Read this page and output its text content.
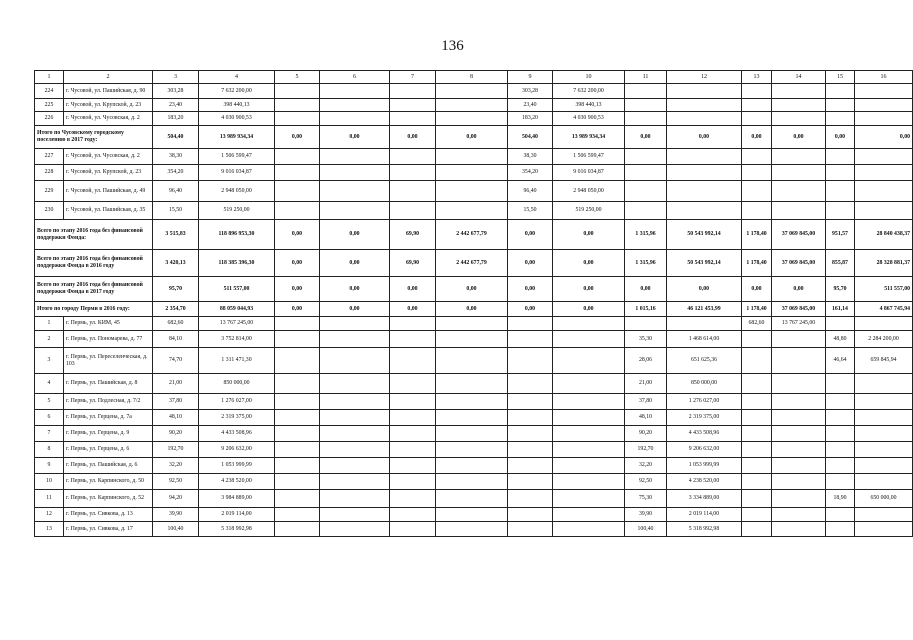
136
1	2	3	4	5	6	7	8	9	10	11	12	13	14	15	16
224	г. Чусовой, ул. Пашийская, д. 90	303,28	7 632 200,00					303,28	7 632 200,00						
225	г. Чусовой, ул. Крупской, д. 23	23,40	398 440,13					23,40	398 440,13						
226	г. Чусовой, ул. Чусовская, д. 2	183,20	4 030 900,53					183,20	4 030 900,53						
Итого по Чусовскому городскому поселению в 2017 году:		504,40	13 989 934,34	0,00	0,00	0,00	0,00	504,40	13 989 934,34	0,00	0,00	0,00	0,00	0,00	0,00
227	г. Чусовой, ул. Чусовская, д. 2	38,30	1 506 599,47					38,30	1 506 599,47						
228	г. Чусовой, ул. Крупской, д. 23	354,20	9 016 034,87					354,20	9 016 034,87						
229	г. Чусовой, ул. Пашийская, д. 49	96,40	2 948 050,00					96,40	2 948 050,00						
230	г. Чусовой, ул. Пашийская, д. 35	15,50	519 250,00					15,50	519 250,00						
Всего по этапу 2016 года без финансовой поддержки Фонда:		3 515,83	118 896 953,30	0,00	0,00	69,90	2 442 677,79	0,00	0,00	1 315,96	50 543 992,14	1 178,40	37 069 845,00	951,57	28 840 438,37
Всего по этапу 2016 года без финансовой поддержки Фонда в 2016 году		3 420,13	118 385 396,30	0,00	0,00	69,90	2 442 677,79	0,00	0,00	1 315,96	50 543 992,14	1 178,40	37 069 845,00	855,87	28 328 881,37
Всего по этапу 2016 года без финансовой поддержки Фонда в 2017 году		95,70	511 557,00	0,00	0,00	0,00	0,00	0,00	0,00	0,00	0,00	0,00	0,00	95,70	511 557,00
Итого по городу Перми в 2016 году:		2 354,70	88 059 044,93	0,00	0,00	0,00	0,00	0,00	0,00	1 015,16	46 121 453,99	1 178,40	37 069 845,00	161,14	4 867 745,94
1	г. Пермь, ул. КИМ, 45	682,60	13 767 245,00									682,60	13 767 245,00		
2	г. Пермь, ул. Пономарева, д. 77	84,10	3 752 814,00							35,30	1 468 614,00			48,80	2 284 200,00
3	г. Пермь, ул. Переселенческая, д. 103	74,70	1 311 471,30							28,06	651 625,36			46,64	659 845,94
4	г. Пермь, ул. Пашийская, д. 8	21,00	850 000,00							21,00	850 000,00				
5	г. Пермь, ул. Подлесная, д. 7/2	37,80	1 276 027,00							37,80	1 276 027,00				
6	г. Пермь, ул. Герцена, д. 7а	48,10	2 319 375,00							48,10	2 319 375,00				
7	г. Пермь, ул. Герцена, д. 9	90,20	4 433 508,96							90,20	4 433 508,96				
8	г. Пермь, ул. Герцена, д. 6	192,70	9 206 632,00							192,70	9 206 632,00				
9	г. Пермь, ул. Пашийская, д. 6	32,20	1 053 999,99							32,20	1 053 999,99				
10	г. Пермь, ул. Карпинского, д. 50	92,50	4 238 520,00							92,50	4 238 520,00				
11	г. Пермь, ул. Карпинского, д. 52	94,20	3 984 889,00							75,30	3 334 889,00			18,90	650 000,00
12	г. Пермь, ул. Сивкова, д. 13	39,90	2 019 114,00							39,90	2 019 114,00				
13	г. Пермь, ул. Сивкова, д. 17	100,40	5 318 992,98							100,40	5 318 992,98				
